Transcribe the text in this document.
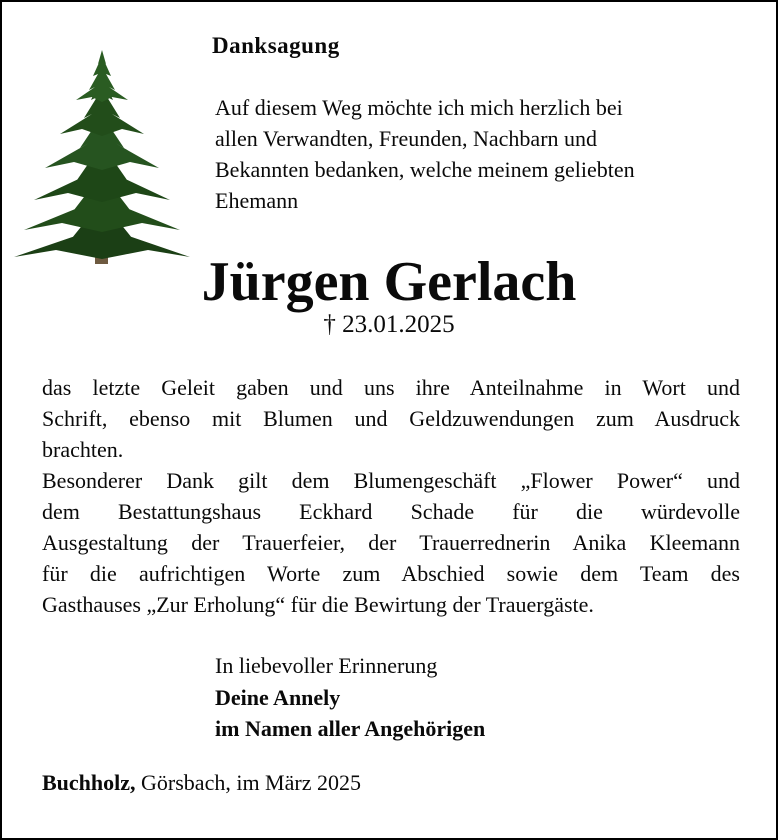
Danksagung
Auf diesem Weg möchte ich mich herzlich bei
allen Verwandten, Freunden, Nachbarn und
Bekannten bedanken, welche meinem geliebten
Ehemann
Jürgen Gerlach
† 23.01.2025
das letzte Geleit gaben und uns ihre Anteilnahme in Wort und
Schrift, ebenso mit Blumen und Geldzuwendungen zum Ausdruck
brachten.
Besonderer Dank gilt dem Blumengeschäft „Flower Power“ und
dem Bestattungshaus Eckhard Schade für die würdevolle
Ausgestaltung der Trauerfeier, der Trauerrednerin Anika Kleemann
für die aufrichtigen Worte zum Abschied sowie dem Team des
Gasthauses „Zur Erholung“ für die Bewirtung der Trauergäste.
In liebevoller Erinnerung
Deine Annely
im Namen aller Angehörigen
Buchholz, Görsbach, im März 2025
